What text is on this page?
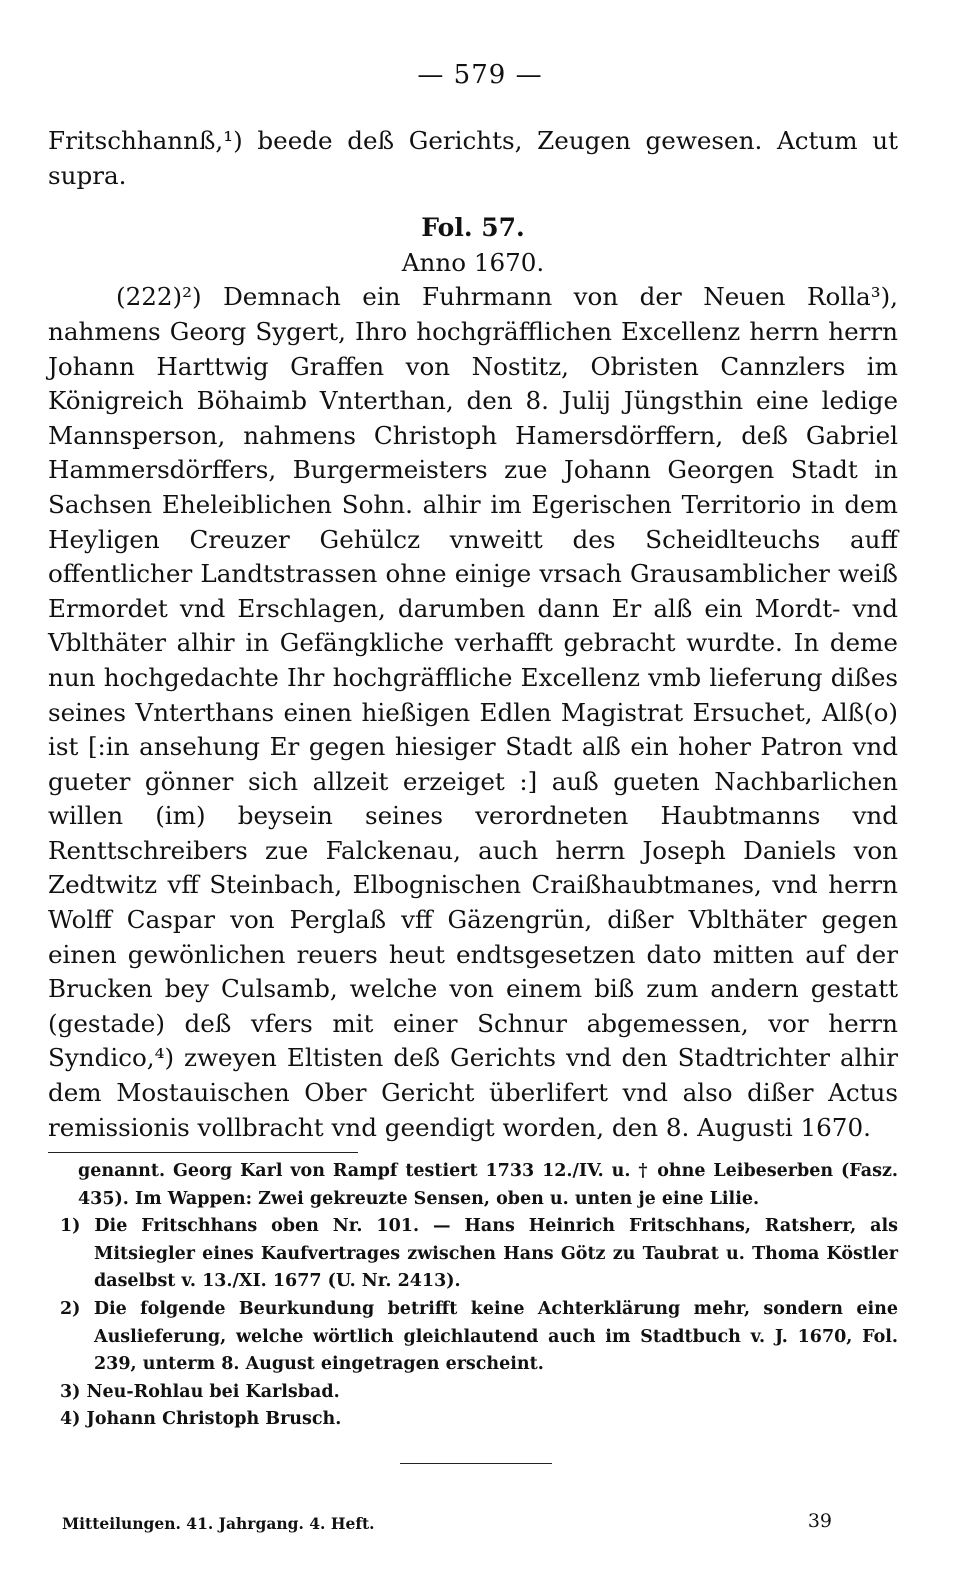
— 579 —

Fritschhannß,¹) beede deß Gerichts, Zeugen gewesen. Actum ut supra.

Fol. 57.

Anno 1670.

(222)²) Demnach ein Fuhrmann von der Neuen Rolla³), nahmens Georg Sygert, Ihro hochgräfflichen Excellenz herrn herrn Johann Harttwig Graffen von Nostitz, Obristen Cannzlers im Königreich Böhaimb Vnterthan, den 8. Julij Jüngsthin eine ledige Mannsperson, nahmens Christoph Hamersdörffern, deß Gabriel Hammersdörffers, Burgermeisters zue Johann Georgen Stadt in Sachsen Eheleiblichen Sohn. alhir im Egerischen Territorio in dem Heyligen Creuzer Gehülcz vnweitt des Scheidlteuchs auff offentlicher Landtstrassen ohne einige vrsach Grausamblicher weiß Ermordet vnd Erschlagen, darumben dann Er alß ein Mordt- vnd Vblthäter alhir in Gefängkliche verhafft gebracht wurdte. In deme nun hochgedachte Ihr hochgräffliche Excellenz vmb lieferung dißes seines Vnterthans einen hießigen Edlen Magistrat Ersuchet, Alß(o) ist [:in ansehung Er gegen hiesiger Stadt alß ein hoher Patron vnd gueter gönner sich allzeit erzeiget :] auß gueten Nachbarlichen willen (im) beysein seines verordneten Haubtmanns vnd Renttschreibers zue Falckenau, auch herrn Joseph Daniels von Zedtwitz vff Steinbach, Elbognischen Craißhaubtmanes, vnd herrn Wolff Caspar von Perglaß vff Gäzengrün, dißer Vblthäter gegen einen gewönlichen reuers heut endtsgesetzen dato mitten auf der Brucken bey Culsamb, welche von einem biß zum andern gestatt (gestade) deß vfers mit einer Schnur abgemessen, vor herrn Syndico,⁴) zweyen Eltisten deß Gerichts vnd den Stadtrichter alhir dem Mostauischen Ober Gericht überlifert vnd also dißer Actus remissionis vollbracht vnd geendigt worden, den 8. Augusti 1670.

genannt. Georg Karl von Rampf testiert 1733 12./IV. u. † ohne Leibeserben (Fasz. 435). Im Wappen: Zwei gekreuzte Sensen, oben u. unten je eine Lilie.

1) Die Fritschhans oben Nr. 101. — Hans Heinrich Fritschhans, Ratsherr, als Mitsiegler eines Kaufvertrages zwischen Hans Götz zu Taubrat u. Thoma Köstler daselbst v. 13./XI. 1677 (U. Nr. 2413).

2) Die folgende Beurkundung betrifft keine Achterklärung mehr, sondern eine Auslieferung, welche wörtlich gleichlautend auch im Stadtbuch v. J. 1670, Fol. 239, unterm 8. August eingetragen erscheint.

3) Neu-Rohlau bei Karlsbad.

4) Johann Christoph Brusch.

Mitteilungen. 41. Jahrgang. 4. Heft.	39
